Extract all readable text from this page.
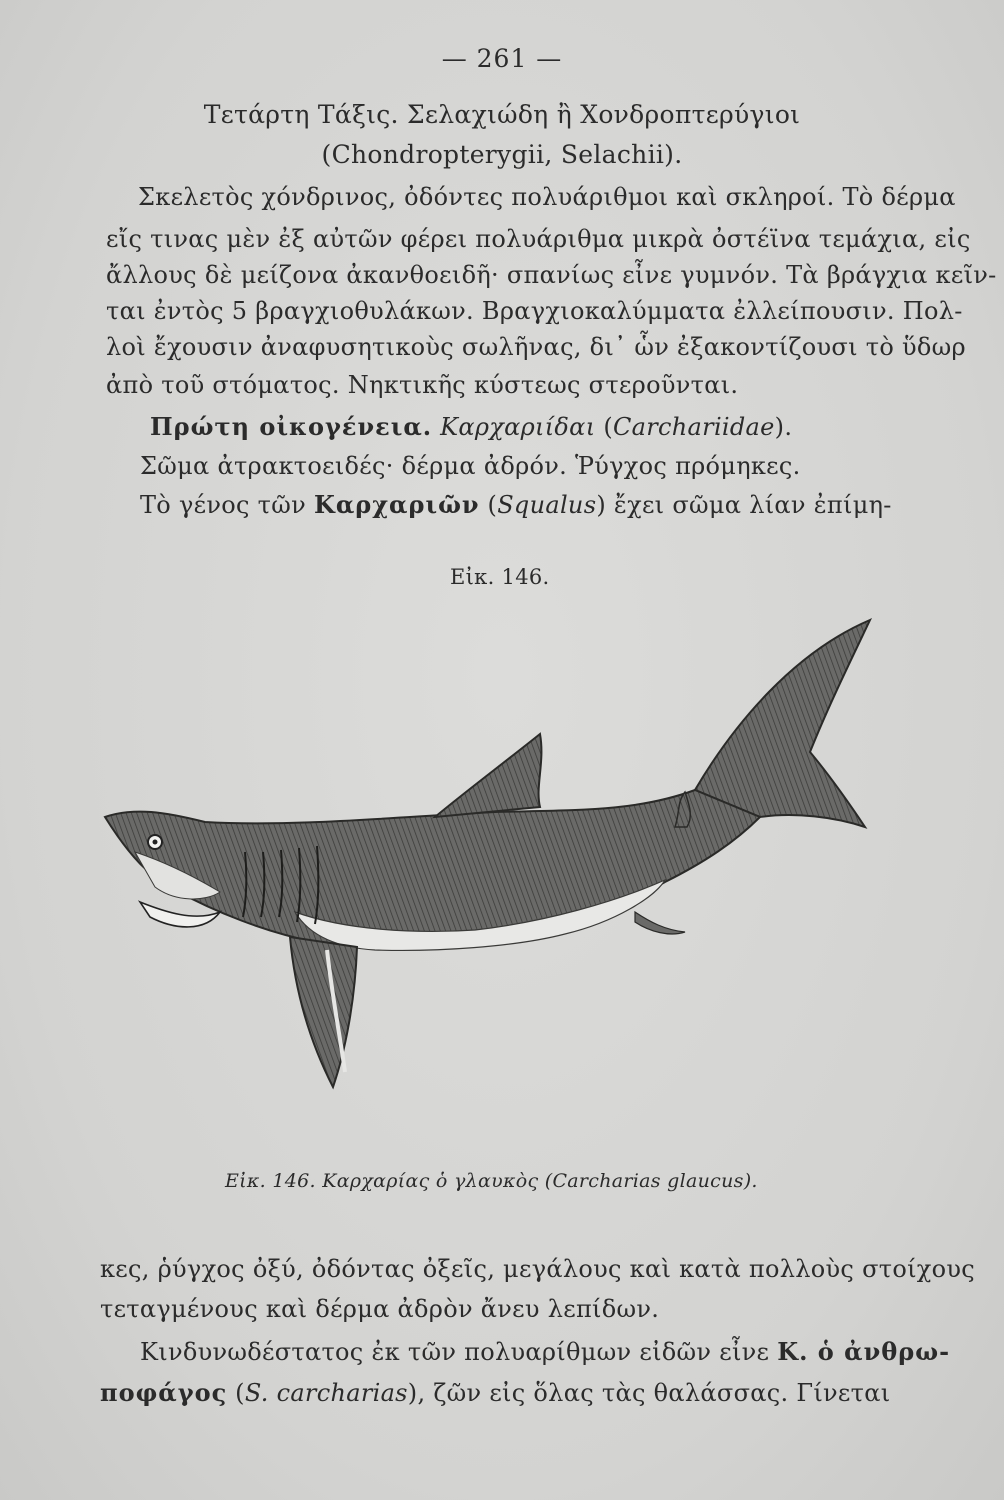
— 261 —
Τετάρτη Τάξις. Σελαχιώδη ἢ Χονδροπτερύγιοι
(Chondropterygii, Selachii).
Σκελετὸς χόνδρινος, ὀδόντες πολυάριθμοι καὶ σκληροί. Τὸ δέρμα
εἴς τινας μὲν ἐξ αὐτῶν φέρει πολυάριθμα μικρὰ ὀστέϊνα τεμάχια, εἰς
ἄλλους δὲ μείζονα ἀκανθοειδῆ· σπανίως εἶνε γυμνόν. Τὰ βράγχια κεῖν-
ται ἐντὸς 5 βραγχιοθυλάκων. Βραγχιοκαλύμματα ἐλλείπουσιν. Πολ-
λοὶ ἔχουσιν ἀναφυσητικοὺς σωλῆνας, δι᾽ ὧν ἐξακοντίζουσι τὸ ὕδωρ
ἀπὸ τοῦ στόματος. Νηκτικῆς κύστεως στεροῦνται.
Πρώτη οἰκογένεια. Καρχαριίδαι (Carchariidae).
Σῶμα ἀτρακτοειδές· δέρμα ἀδρόν. Ῥύγχος πρόμηκες.
Τὸ γένος τῶν Καρχαριῶν (Squalus) ἔχει σῶμα λίαν ἐπίμη-
Εἰκ. 146.
Εἰκ. 146. Καρχαρίας ὁ γλαυκὸς (Carcharias glaucus).
κες, ῥύγχος ὀξύ, ὀδόντας ὀξεῖς, μεγάλους καὶ κατὰ πολλοὺς στοίχους
τεταγμένους καὶ δέρμα ἀδρὸν ἄνευ λεπίδων.
Κινδυνωδέστατος ἐκ τῶν πολυαρίθμων εἰδῶν εἶνε Κ. ὁ ἀνθρω-
ποφάγος (S. carcharias), ζῶν εἰς ὅλας τὰς θαλάσσας. Γίνεται
